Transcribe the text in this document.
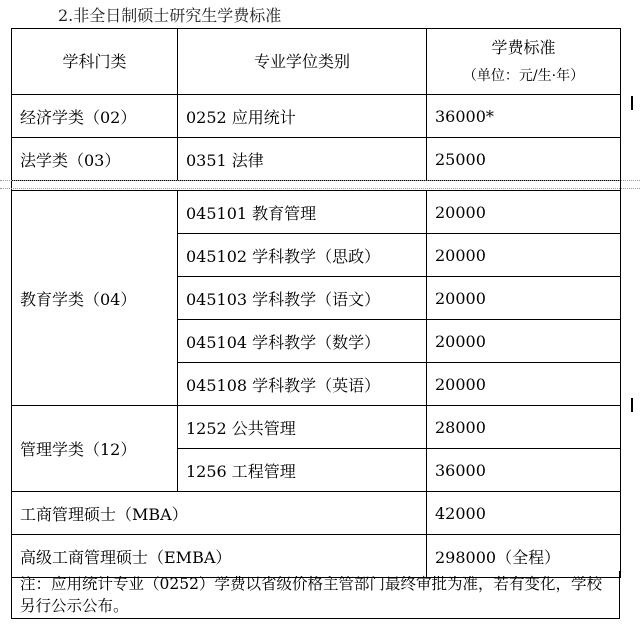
2.非全日制硕士研究生学费标准
学科门类	专业学位类别	学费标准
（单位：元/生·年）

经济学类（02）	0252 应用统计	36000*
法学类（03）	0351 法律	25000

教育学类（04）	045101 教育管理	20000
	045102 学科教学（思政）	20000
	045103 学科教学（语文）	20000
	045104 学科教学（数学）	20000
	045108 学科教学（英语）	20000
管理学类（12）	1252 公共管理	28000
	1256 工程管理	36000
工商管理硕士（MBA）		42000
高级工商管理硕士（EMBA）		298000（全程）
注：应用统计专业（0252）学费以省级价格主管部门最终审批为准，若有变化，学校另行公示公布。
